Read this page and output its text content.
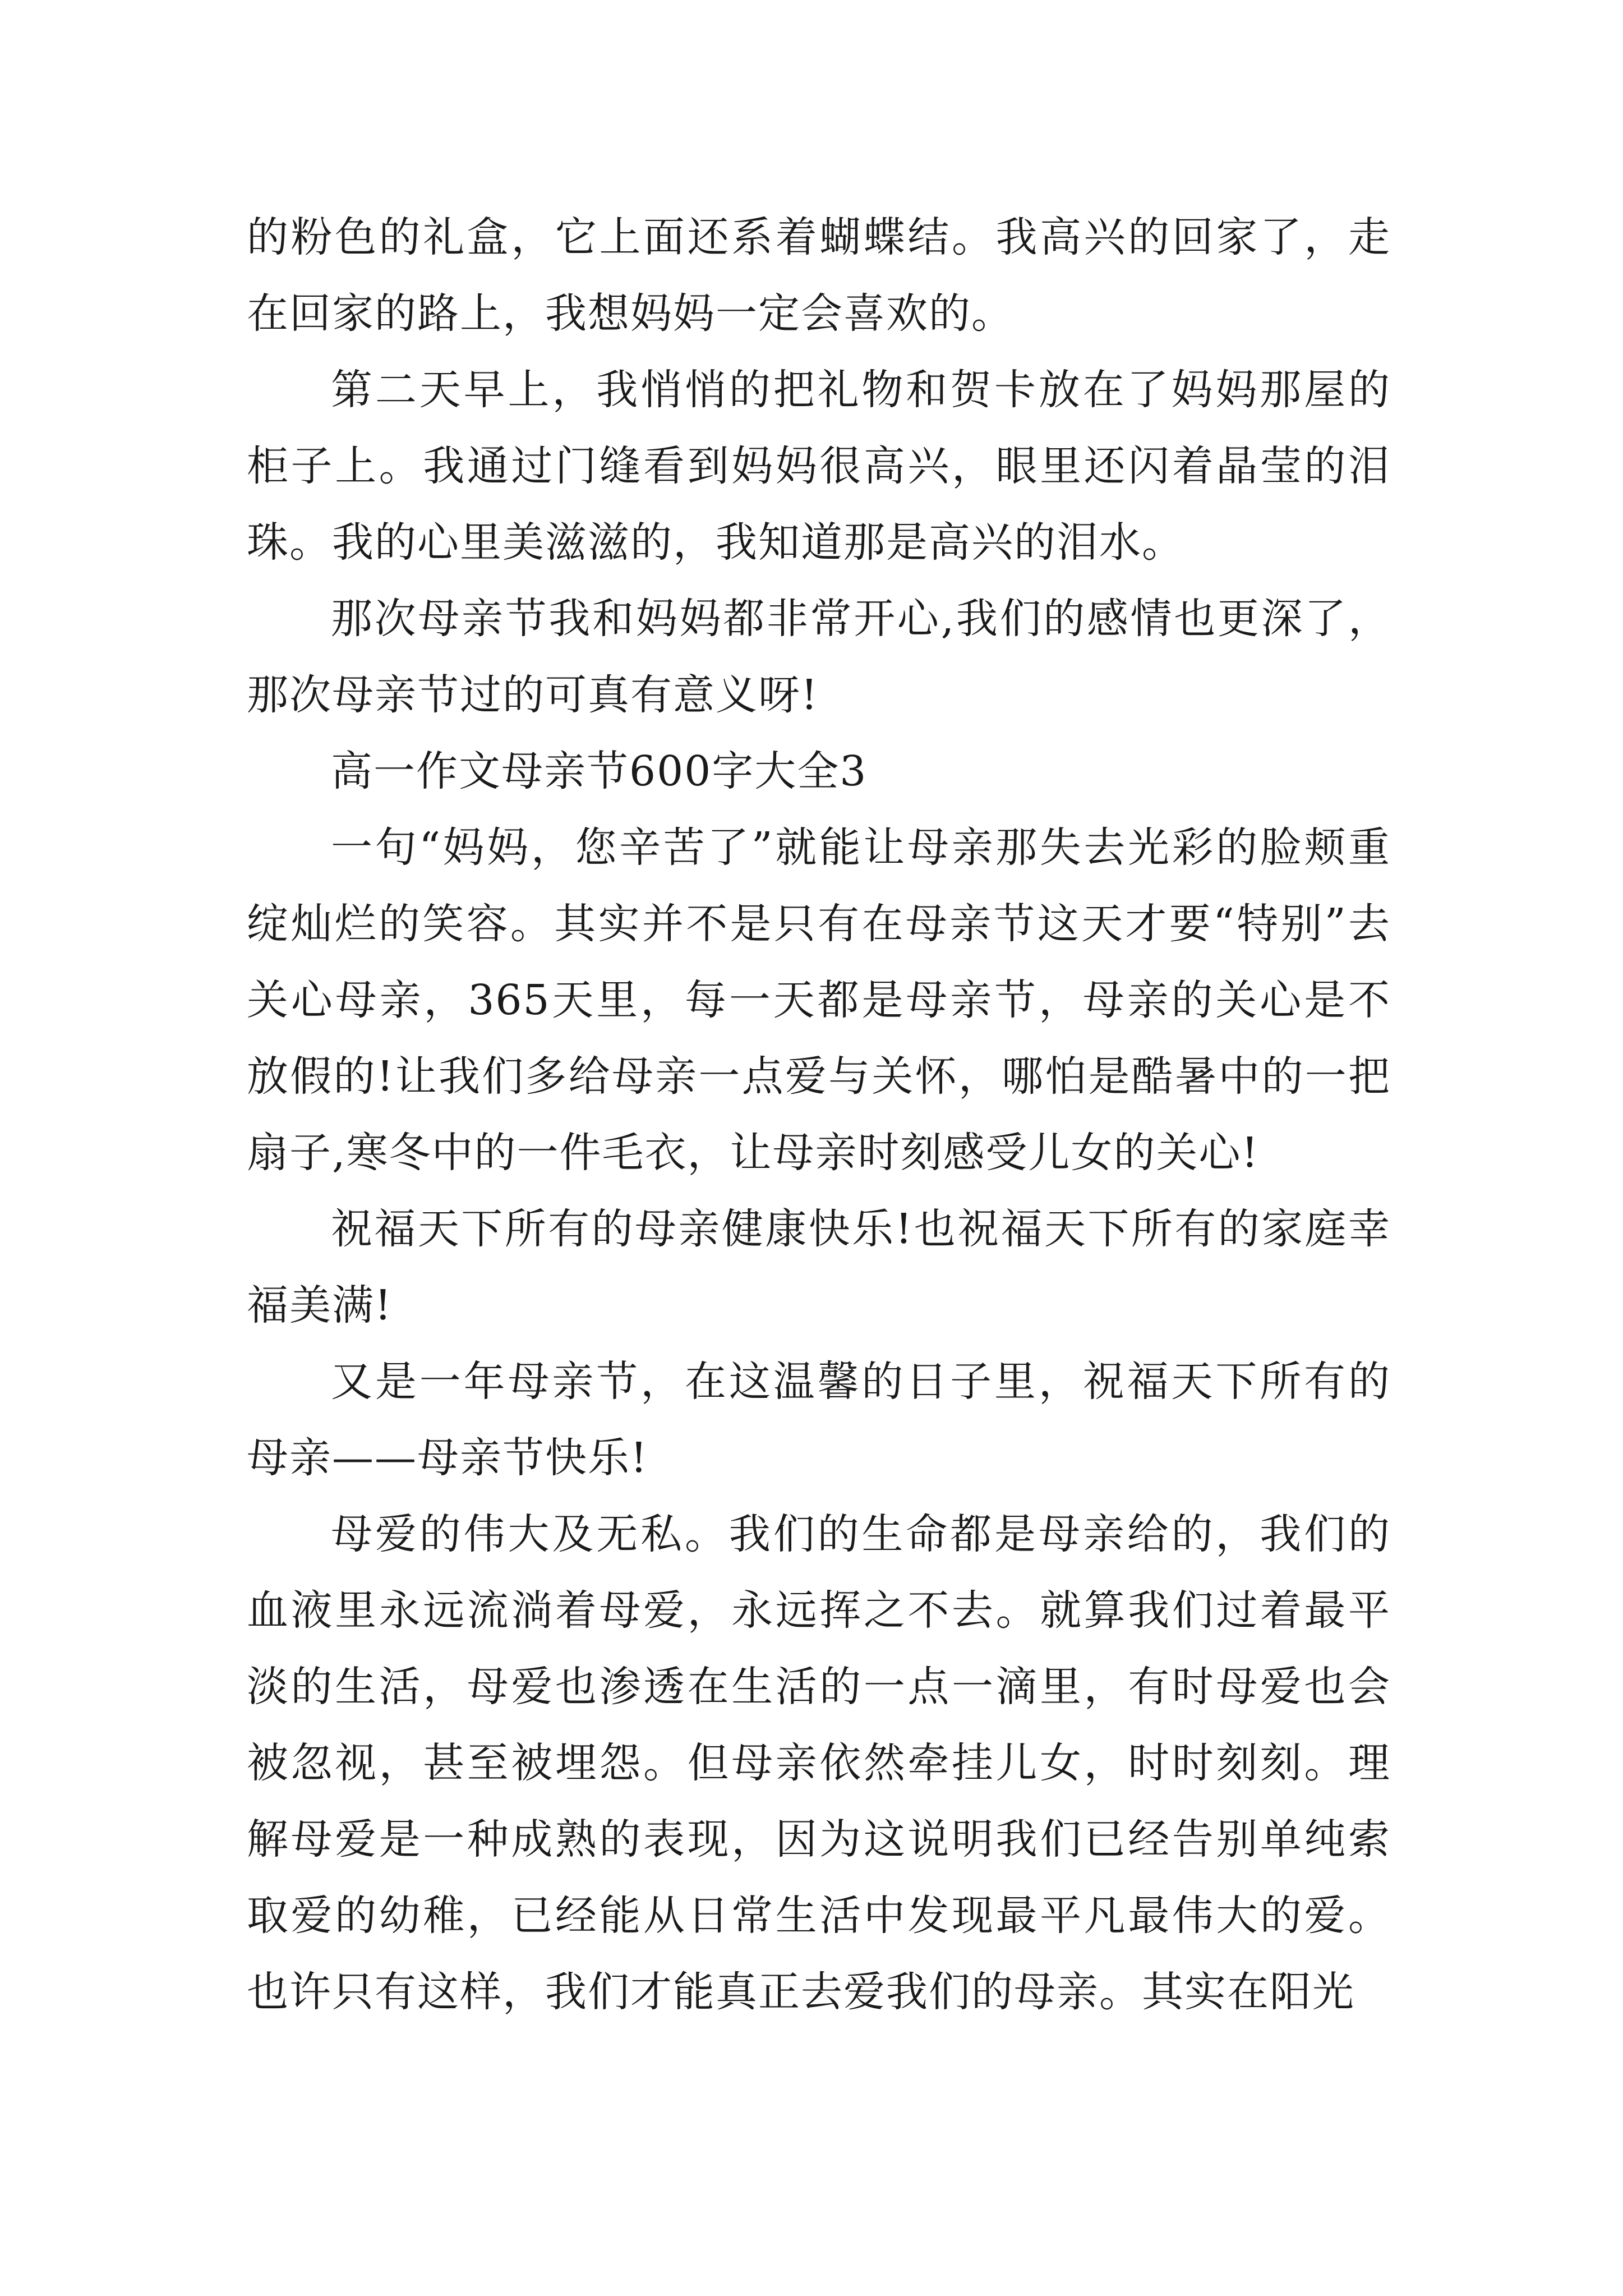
的粉色的礼盒，它上面还系着蝴蝶结。我高兴的回家了，走在回家的路上，我想妈妈一定会喜欢的。

第二天早上，我悄悄的把礼物和贺卡放在了妈妈那屋的柜子上。我通过门缝看到妈妈很高兴，眼里还闪着晶莹的泪珠。我的心里美滋滋的，我知道那是高兴的泪水。

那次母亲节我和妈妈都非常开心,我们的感情也更深了，那次母亲节过的可真有意义呀!

高一作文母亲节600字大全3

一句“妈妈，您辛苦了”就能让母亲那失去光彩的脸颊重绽灿烂的笑容。其实并不是只有在母亲节这天才要“特别”去关心母亲，365天里，每一天都是母亲节，母亲的关心是不放假的!让我们多给母亲一点爱与关怀，哪怕是酷暑中的一把扇子,寒冬中的一件毛衣，让母亲时刻感受儿女的关心!

祝福天下所有的母亲健康快乐!也祝福天下所有的家庭幸福美满!

又是一年母亲节，在这温馨的日子里，祝福天下所有的母亲——母亲节快乐!

母爱的伟大及无私。我们的生命都是母亲给的，我们的血液里永远流淌着母爱，永远挥之不去。就算我们过着最平淡的生活，母爱也渗透在生活的一点一滴里，有时母爱也会被忽视，甚至被埋怨。但母亲依然牵挂儿女，时时刻刻。理解母爱是一种成熟的表现，因为这说明我们已经告别单纯索取爱的幼稚，已经能从日常生活中发现最平凡最伟大的爱。也许只有这样，我们才能真正去爱我们的母亲。其实在阳光
